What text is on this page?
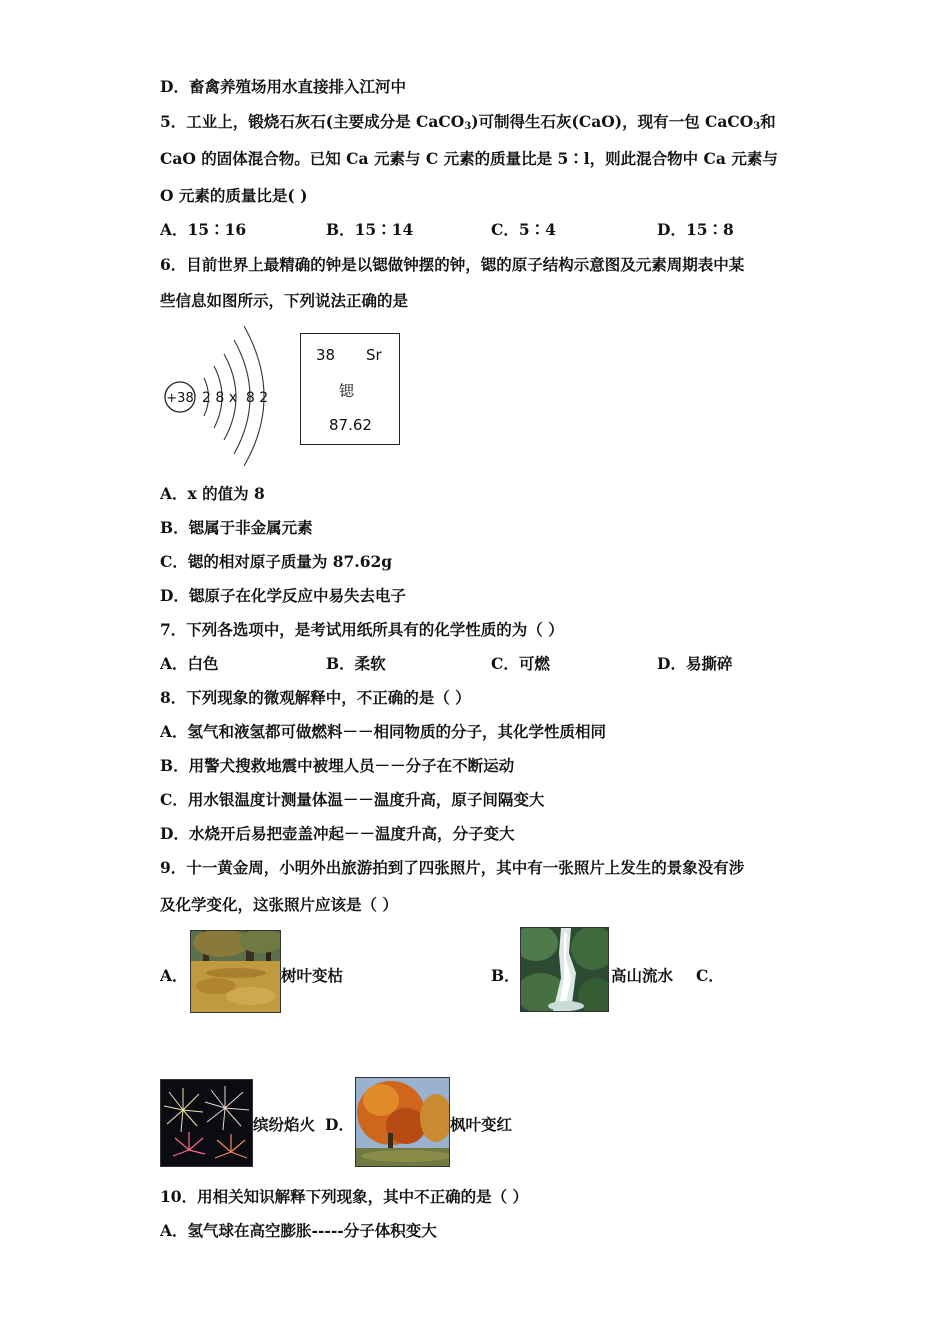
D．畜禽养殖场用水直接排入江河中
5．工业上，锻烧石灰石(主要成分是 CaCO$_3$)可制得生石灰(CaO)，现有一包 CaCO$_3$和
CaO 的固体混合物。已知 Ca 元素与 C 元素的质量比是 5∶l，则此混合物中 Ca 元素与
O 元素的质量比是( )
A．15∶16	B．15∶14	C．5∶4	D．15∶8
6．目前世界上最精确的钟是以锶做钟摆的钟，锶的原子结构示意图及元素周期表中某
些信息如图所示，下列说法正确的是
+38 2 8 x  8 2
38 Sr
锶
87.62
A．x 的值为 8
B．锶属于非金属元素
C．锶的相对原子质量为 87.62g
D．锶原子在化学反应中易失去电子
7．下列各选项中，是考试用纸所具有的化学性质的为（ ）
A．白色	B．柔软	C．可燃	D．易撕碎
8．下列现象的微观解释中，不正确的是（ ）
A．氢气和液氢都可做燃料－－相同物质的分子，其化学性质相同
B．用警犬搜救地震中被埋人员－－分子在不断运动
C．用水银温度计测量体温－－温度升高，原子间隔变大
D．水烧开后易把壶盖冲起－－温度升高，分子变大
9．十一黄金周，小明外出旅游拍到了四张照片，其中有一张照片上发生的景象没有涉
及化学变化，这张照片应该是（ ）
A．	树叶变枯	B．	高山流水 C．
缤纷焰火 D．	枫叶变红
10．用相关知识解释下列现象，其中不正确的是（ ）
A．氢气球在高空膨胀-----分子体积变大
